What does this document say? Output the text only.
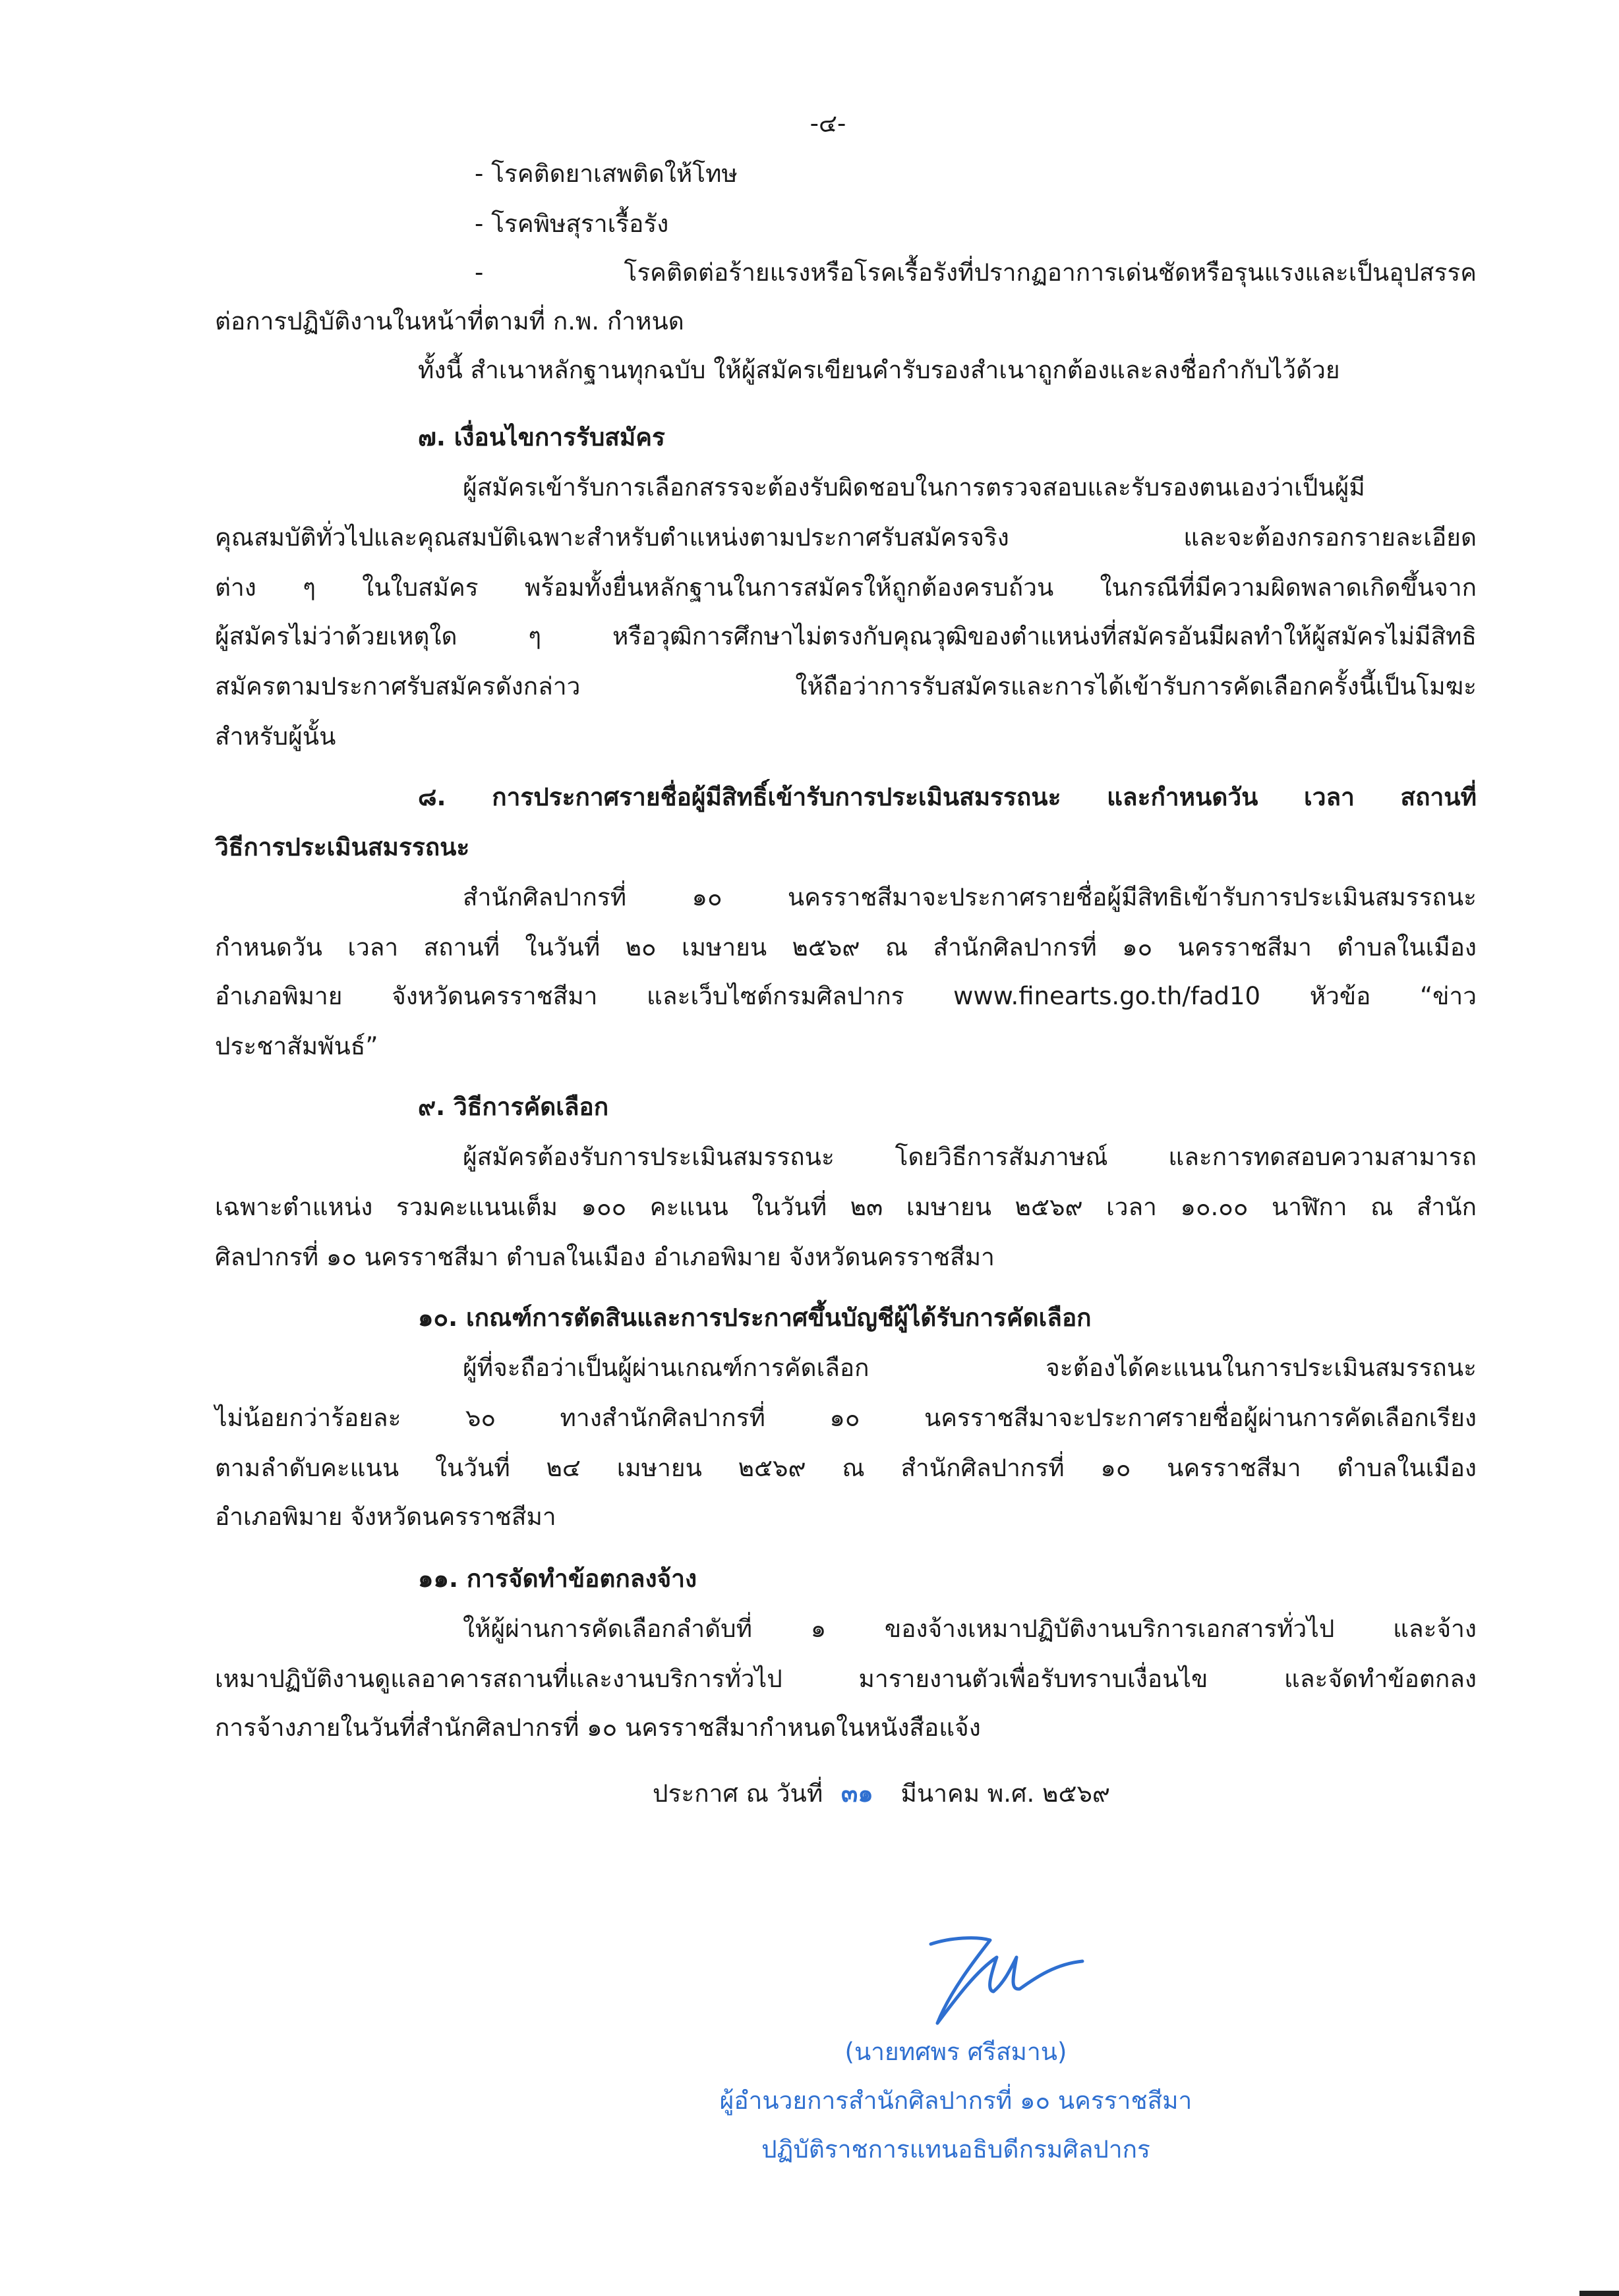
-๔-
- โรคติดยาเสพติดให้โทษ
- โรคพิษสุราเรื้อรัง
- โรคติดต่อร้ายแรงหรือโรคเรื้อรังที่ปรากฏอาการเด่นชัดหรือรุนแรงและเป็นอุปสรรค
ต่อการปฏิบัติงานในหน้าที่ตามที่ ก.พ. กำหนด
ทั้งนี้ สำเนาหลักฐานทุกฉบับ ให้ผู้สมัครเขียนคำรับรองสำเนาถูกต้องและลงชื่อกำกับไว้ด้วย
๗. เงื่อนไขการรับสมัคร
ผู้สมัครเข้ารับการเลือกสรรจะต้องรับผิดชอบในการตรวจสอบและรับรองตนเองว่าเป็นผู้มี
คุณสมบัติทั่วไปและคุณสมบัติเฉพาะสำหรับตำแหน่งตามประกาศรับสมัครจริง และจะต้องกรอกรายละเอียด
ต่าง ๆ ในใบสมัคร พร้อมทั้งยื่นหลักฐานในการสมัครให้ถูกต้องครบถ้วน ในกรณีที่มีความผิดพลาดเกิดขึ้นจาก
ผู้สมัครไม่ว่าด้วยเหตุใด ๆ หรือวุฒิการศึกษาไม่ตรงกับคุณวุฒิของตำแหน่งที่สมัครอันมีผลทำให้ผู้สมัครไม่มีสิทธิ
สมัครตามประกาศรับสมัครดังกล่าว ให้ถือว่าการรับสมัครและการได้เข้ารับการคัดเลือกครั้งนี้เป็นโมฆะ
สำหรับผู้นั้น
๘. การประกาศรายชื่อผู้มีสิทธิ์เข้ารับการประเมินสมรรถนะ และกำหนดวัน เวลา สถานที่
วิธีการประเมินสมรรถนะ
สำนักศิลปากรที่ ๑๐ นครราชสีมาจะประกาศรายชื่อผู้มีสิทธิเข้ารับการประเมินสมรรถนะ
กำหนดวัน เวลา สถานที่ ในวันที่ ๒๐ เมษายน ๒๕๖๙ ณ สำนักศิลปากรที่ ๑๐ นครราชสีมา ตำบลในเมือง
อำเภอพิมาย จังหวัดนครราชสีมา และเว็บไซต์กรมศิลปากร www.finearts.go.th/fad10 หัวข้อ “ข่าว
ประชาสัมพันธ์”
๙. วิธีการคัดเลือก
ผู้สมัครต้องรับการประเมินสมรรถนะ โดยวิธีการสัมภาษณ์ และการทดสอบความสามารถ
เฉพาะตำแหน่ง รวมคะแนนเต็ม ๑๐๐ คะแนน ในวันที่ ๒๓ เมษายน ๒๕๖๙ เวลา ๑๐.๐๐ นาฬิกา ณ สำนัก
ศิลปากรที่ ๑๐ นครราชสีมา ตำบลในเมือง อำเภอพิมาย จังหวัดนครราชสีมา
๑๐. เกณฑ์การตัดสินและการประกาศขึ้นบัญชีผู้ได้รับการคัดเลือก
ผู้ที่จะถือว่าเป็นผู้ผ่านเกณฑ์การคัดเลือก จะต้องได้คะแนนในการประเมินสมรรถนะ
ไม่น้อยกว่าร้อยละ ๖๐ ทางสำนักศิลปากรที่ ๑๐ นครราชสีมาจะประกาศรายชื่อผู้ผ่านการคัดเลือกเรียง
ตามลำดับคะแนน ในวันที่ ๒๔ เมษายน ๒๕๖๙ ณ สำนักศิลปากรที่ ๑๐ นครราชสีมา ตำบลในเมือง
อำเภอพิมาย จังหวัดนครราชสีมา
๑๑. การจัดทำข้อตกลงจ้าง
ให้ผู้ผ่านการคัดเลือกลำดับที่ ๑ ของจ้างเหมาปฏิบัติงานบริการเอกสารทั่วไป และจ้าง
เหมาปฏิบัติงานดูแลอาคารสถานที่และงานบริการทั่วไป มารายงานตัวเพื่อรับทราบเงื่อนไข และจัดทำข้อตกลง
การจ้างภายในวันที่สำนักศิลปากรที่ ๑๐ นครราชสีมากำหนดในหนังสือแจ้ง
ประกาศ ณ วันที่ ๓๑ มีนาคม พ.ศ. ๒๕๖๙
(นายทศพร ศรีสมาน)
ผู้อำนวยการสำนักศิลปากรที่ ๑๐ นครราชสีมา
ปฏิบัติราชการแทนอธิบดีกรมศิลปากร
